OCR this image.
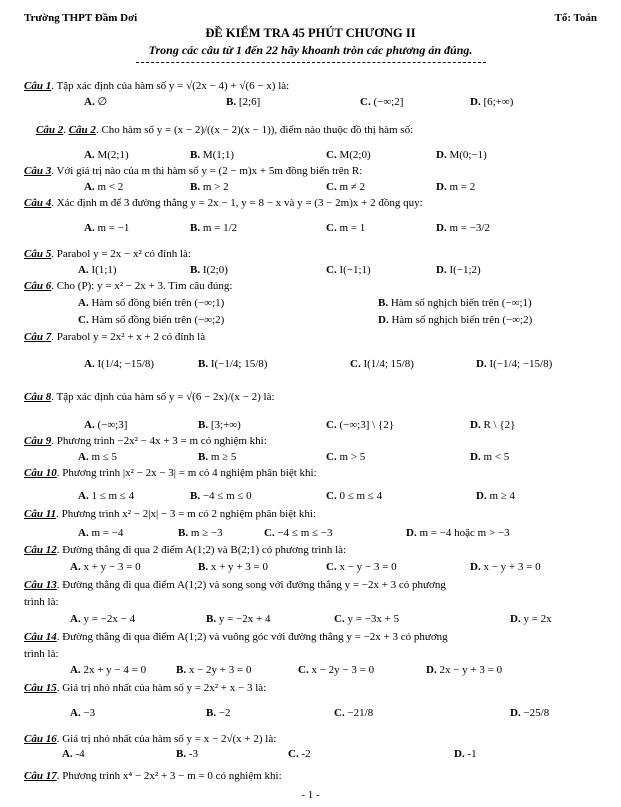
Trường THPT Đầm Dơi	Tổ: Toán
ĐỀ KIỂM TRA 45 PHÚT CHƯƠNG II
Trong các câu từ 1 đến 22 hãy khoanh tròn các phương án đúng.
Câu 1. Tập xác định của hàm số y = √(2x − 4) + √(6 − x) là:
A. ∅	B. [2;6]	C. (−∞;2]	D. [6;+∞)
Câu 2. Câu 2. Cho hàm số y = (x − 2)/((x − 2)(x − 1)), điểm nào thuộc đồ thị hàm số:
A. M(2;1)	B. M(1;1)	C. M(2;0)	D. M(0;−1)
Câu 3. Với giá trị nào của m thì hàm số y = (2 − m)x + 5m đồng biến trên R:
A. m < 2	B. m > 2	C. m ≠ 2	D. m = 2
Câu 4. Xác định m để 3 đường thẳng y = 2x − 1, y = 8 − x và y = (3 − 2m)x + 2 đồng quy:
A. m = −1	B. m = 1/2	C. m = 1	D. m = −3/2
Câu 5. Parabol y = 2x − x² có đỉnh là:
A. I(1;1)	B. I(2;0)	C. I(−1;1)	D. I(−1;2)
Câu 6. Cho (P): y = x² − 2x + 3. Tìm câu đúng:
A. Hàm số đồng biến trên (−∞;1)	B. Hàm số nghịch biến trên (−∞;1)
C. Hàm số đồng biến trên (−∞;2)	D. Hàm số nghịch biến trên (−∞;2)
Câu 7. Parabol y = 2x² + x + 2 có đỉnh là
A. I(1/4; −15/8)	B. I(−1/4; 15/8)	C. I(1/4; 15/8)	D. I(−1/4; −15/8)
Câu 8. Tập xác định của hàm số y = √(6 − 2x)/(x − 2) là:
A. (−∞;3]	B. [3;+∞)	C. (−∞;3] \ {2}	D. R \ {2}
Câu 9. Phương trình −2x² − 4x + 3 = m có nghiệm khi:
A. m ≤ 5	B. m ≥ 5	C. m > 5	D. m < 5
Câu 10. Phương trình |x² − 2x − 3| = m có 4 nghiệm phân biệt khi:
A. 1 ≤ m ≤ 4	B. −4 ≤ m ≤ 0	C. 0 ≤ m ≤ 4	D. m ≥ 4
Câu 11. Phương trình x² − 2|x| − 3 = m có 2 nghiệm phân biệt khi:
A. m = −4	B. m ≥ −3	C. −4 ≤ m ≤ −3	D. m = −4 hoặc m > −3
Câu 12. Đường thẳng đi qua 2 điểm A(1;2) và B(2;1) có phương trình là:
A. x + y − 3 = 0	B. x + y + 3 = 0	C. x − y − 3 = 0	D. x − y + 3 = 0
Câu 13. Đường thẳng đi qua điểm A(1;2) và song song với đường thẳng y = −2x + 3 có phương
trình là:
A. y = −2x − 4	B. y = −2x + 4	C. y = −3x + 5	D. y = 2x
Câu 14. Đường thẳng đi qua điểm A(1;2) và vuông góc với đường thẳng y = −2x + 3 có phương
trình là:
A. 2x + y − 4 = 0	B. x − 2y + 3 = 0	C. x − 2y − 3 = 0	D. 2x − y + 3 = 0
Câu 15. Giá trị nhỏ nhất của hàm số y = 2x² + x − 3 là:
A. −3	B. −2	C. −21/8	D. −25/8
Câu 16. Giá trị nhỏ nhất của hàm số y = x − 2√(x + 2) là:
A. -4	B. -3	C. -2	D. -1
Câu 17. Phương trình x⁴ − 2x² + 3 − m = 0 có nghiệm khi:
- 1 -
